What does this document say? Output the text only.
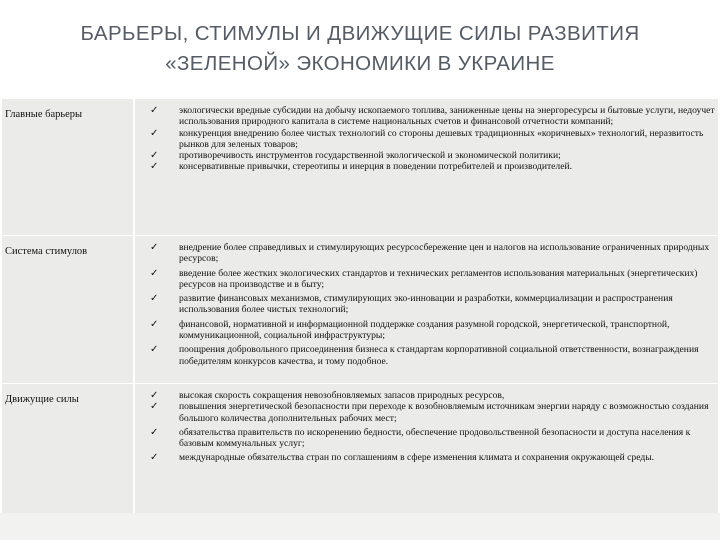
БАРЬЕРЫ, СТИМУЛЫ И ДВИЖУЩИЕ СИЛЫ РАЗВИТИЯ
«ЗЕЛЕНОЙ» ЭКОНОМИКИ В УКРАИНЕ
Главные барьеры	✓ экологически вредные субсидии на добычу ископаемого топлива, заниженные цены на энергоресурсы и бытовые услуги, недоучет использования природного капитала в системе национальных счетов и финансовой отчетности компаний;
✓ конкуренция внедрению более чистых технологий со стороны дешевых традиционных «коричневых» технологий, неразвитость рынков для зеленых товаров;
✓ противоречивость инструментов государственной экологической и экономической политики;
✓ консервативные привычки, стереотипы и инерция в поведении потребителей и производителей.
Система стимулов	✓ внедрение более справедливых и стимулирующих ресурсосбережение цен и налогов на использование ограниченных природных ресурсов;
✓ введение более жестких экологических стандартов и технических регламентов использования материальных (энергетических) ресурсов на производстве и в быту;
✓ развитие финансовых механизмов, стимулирующих эко-инновации и разработки, коммерциализации и распространения использования более чистых технологий;
✓ финансовой, нормативной и информационной поддержке создания разумной городской, энергетической, транспортной, коммуникационной, социальной инфраструктуры;
✓ поощрения добровольного присоединения бизнеса к стандартам корпоративной социальной ответственности, вознаграждения победителям конкурсов качества, и тому подобное.
Движущие силы	✓ высокая скорость сокращения невозобновляемых запасов природных ресурсов,
✓ повышения энергетической безопасности при переходе к возобновляемым источникам энергии наряду с возможностью создания большого количества дополнительных рабочих мест;
✓ обязательства правительств по искоренению бедности, обеспечение продовольственной безопасности и доступа населения к базовым коммунальных услуг;
✓ международные обязательства стран по соглашениям в сфере изменения климата и сохранения окружающей среды.
